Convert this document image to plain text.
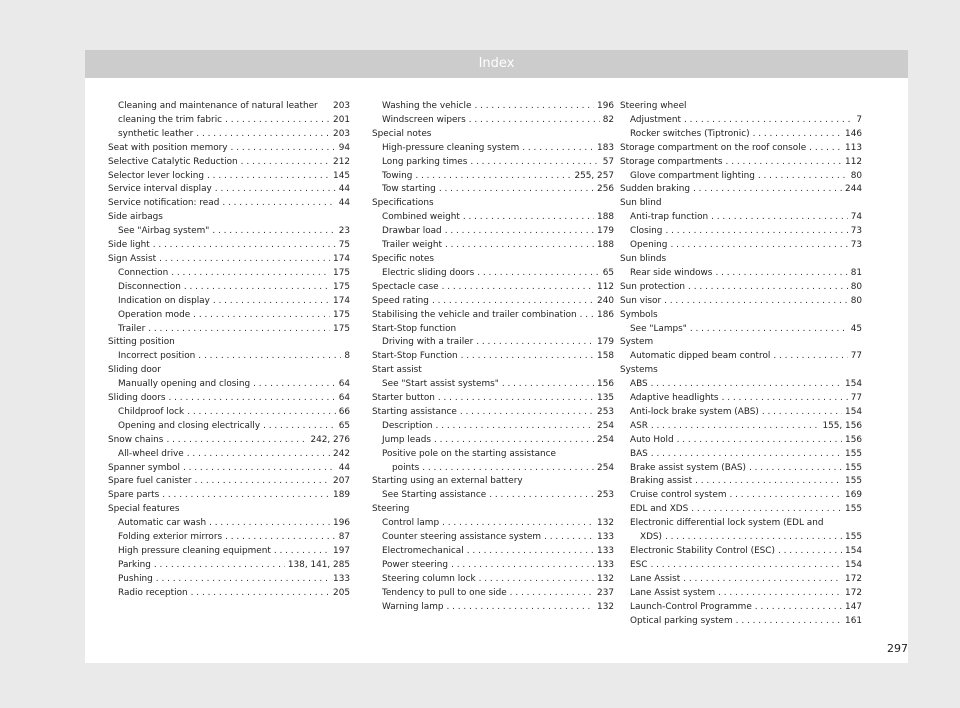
Index
Cleaning and maintenance of natural leather 203
cleaning the trim fabric . . .	201
synthetic leather . . .	203
Seat with position memory . . .	94
Selective Catalytic Reduction . . .	212
Selector lever locking . . .	145
Service interval display . . .	44
Service notification: read . . .	44
Side airbags
See "Airbag system" . . .	23
Side light . . .	75
Sign Assist . . .	174
Connection . . .	175
Disconnection . . .	175
Indication on display . . .	174
Operation mode . . .	175
Trailer . . .	175
Sitting position
Incorrect position . . .	8
Sliding door
Manually opening and closing . . .	64
Sliding doors . . .	64
Childproof lock . . .	66
Opening and closing electrically . . .	65
Snow chains . . .	242, 276
All-wheel drive . . .	242
Spanner symbol . . .	44
Spare fuel canister . . .	207
Spare parts . . .	189
Special features
Automatic car wash . . .	196
Folding exterior mirrors . . .	87
High pressure cleaning equipment . . .	197
Parking . . .	138, 141, 285
Pushing . . .	133
Radio reception . . .	205
Washing the vehicle . . .	196
Windscreen wipers . . .	82
Special notes
High-pressure cleaning system . . .	183
Long parking times . . .	57
Towing . . .	255, 257
Tow starting . . .	256
Specifications
Combined weight . . .	188
Drawbar load . . .	179
Trailer weight . . .	188
Specific notes
Electric sliding doors . . .	65
Spectacle case . . .	112
Speed rating . . .	240
Stabilising the vehicle and trailer combination . . . 186
Start-Stop function
Driving with a trailer . . .	179
Start-Stop Function . . .	158
Start assist
See "Start assist systems" . . .	156
Starter button . . .	135
Starting assistance . . .	253
Description . . .	254
Jump leads . . .	254
Positive pole on the starting assistance
points . . .	254
Starting using an external battery
See Starting assistance . . .	253
Steering
Control lamp . . .	132
Counter steering assistance system . . .	133
Electromechanical . . .	133
Power steering . . .	133
Steering column lock . . .	132
Tendency to pull to one side . . .	237
Warning lamp . . .	132
Steering wheel
Adjustment . . .	7
Rocker switches (Tiptronic) . . .	146
Storage compartment on the roof console . . .	113
Storage compartments . . .	112
Glove compartment lighting . . .	80
Sudden braking . . .	244
Sun blind
Anti-trap function . . .	74
Closing . . .	73
Opening . . .	73
Sun blinds
Rear side windows . . .	81
Sun protection . . .	80
Sun visor . . .	80
Symbols
See "Lamps" . . .	45
System
Automatic dipped beam control . . .	77
Systems
ABS . . .	154
Adaptive headlights . . .	77
Anti-lock brake system (ABS) . . .	154
ASR . . .	155, 156
Auto Hold . . .	156
BAS . . .	155
Brake assist system (BAS) . . .	155
Braking assist . . .	155
Cruise control system . . .	169
EDL and XDS . . .	155
Electronic differential lock system (EDL and
XDS) . . .	155
Electronic Stability Control (ESC) . . .	154
ESC . . .	154
Lane Assist . . .	172
Lane Assist system . . .	172
Launch-Control Programme . . .	147
Optical parking system . . .	161
297
